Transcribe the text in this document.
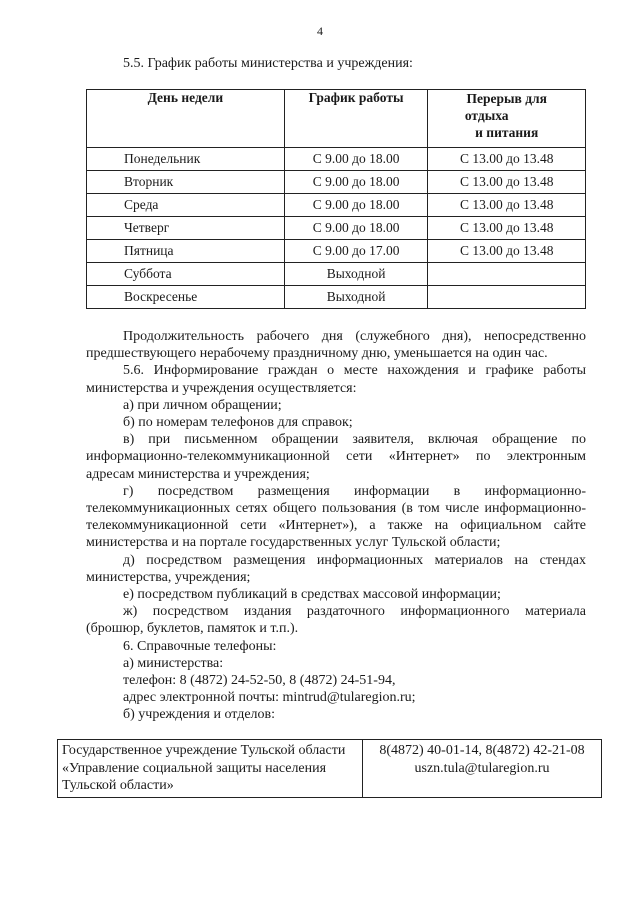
4
5.5. График работы министерства и учреждения:
День недели	График работы	Перерыв для
отдыха
и питания
Понедельник	С 9.00 до 18.00	С 13.00 до 13.48
Вторник	С 9.00 до 18.00	С 13.00 до 13.48
Среда	С 9.00 до 18.00	С 13.00 до 13.48
Четверг	С 9.00 до 18.00	С 13.00 до 13.48
Пятница	С 9.00 до 17.00	С 13.00 до 13.48
Суббота	Выходной	
Воскресенье	Выходной	

Продолжительность рабочего дня (служебного дня), непосредственно предшествующего нерабочему праздничному дню, уменьшается на один час.

5.6. Информирование граждан о месте нахождения и графике работы министерства и учреждения осуществляется:

а) при личном обращении;

б) по номерам телефонов для справок;

в) при письменном обращении заявителя, включая обращение по информационно-телекоммуникационной сети «Интернет» по электронным адресам министерства и учреждения;

г) посредством размещения информации в информационно-телекоммуникационных сетях общего пользования (в том числе информационно-телекоммуникационной сети «Интернет»), а также на официальном сайте министерства и на портале государственных услуг Тульской области;

д) посредством размещения информационных материалов на стендах министерства, учреждения;

е) посредством публикаций в средствах массовой информации;

ж) посредством издания раздаточного информационного материала (брошюр, буклетов, памяток и т.п.).

6. Справочные телефоны:

а) министерства:

телефон: 8 (4872) 24-52-50, 8 (4872) 24-51-94,

адрес электронной почты: mintrud@tularegion.ru;

б) учреждения и отделов:

Государственное учреждение Тульской области «Управление социальной защиты населения Тульской области»	8(4872) 40-01-14, 8(4872) 42-21-08
uszn.tula@tularegion.ru
